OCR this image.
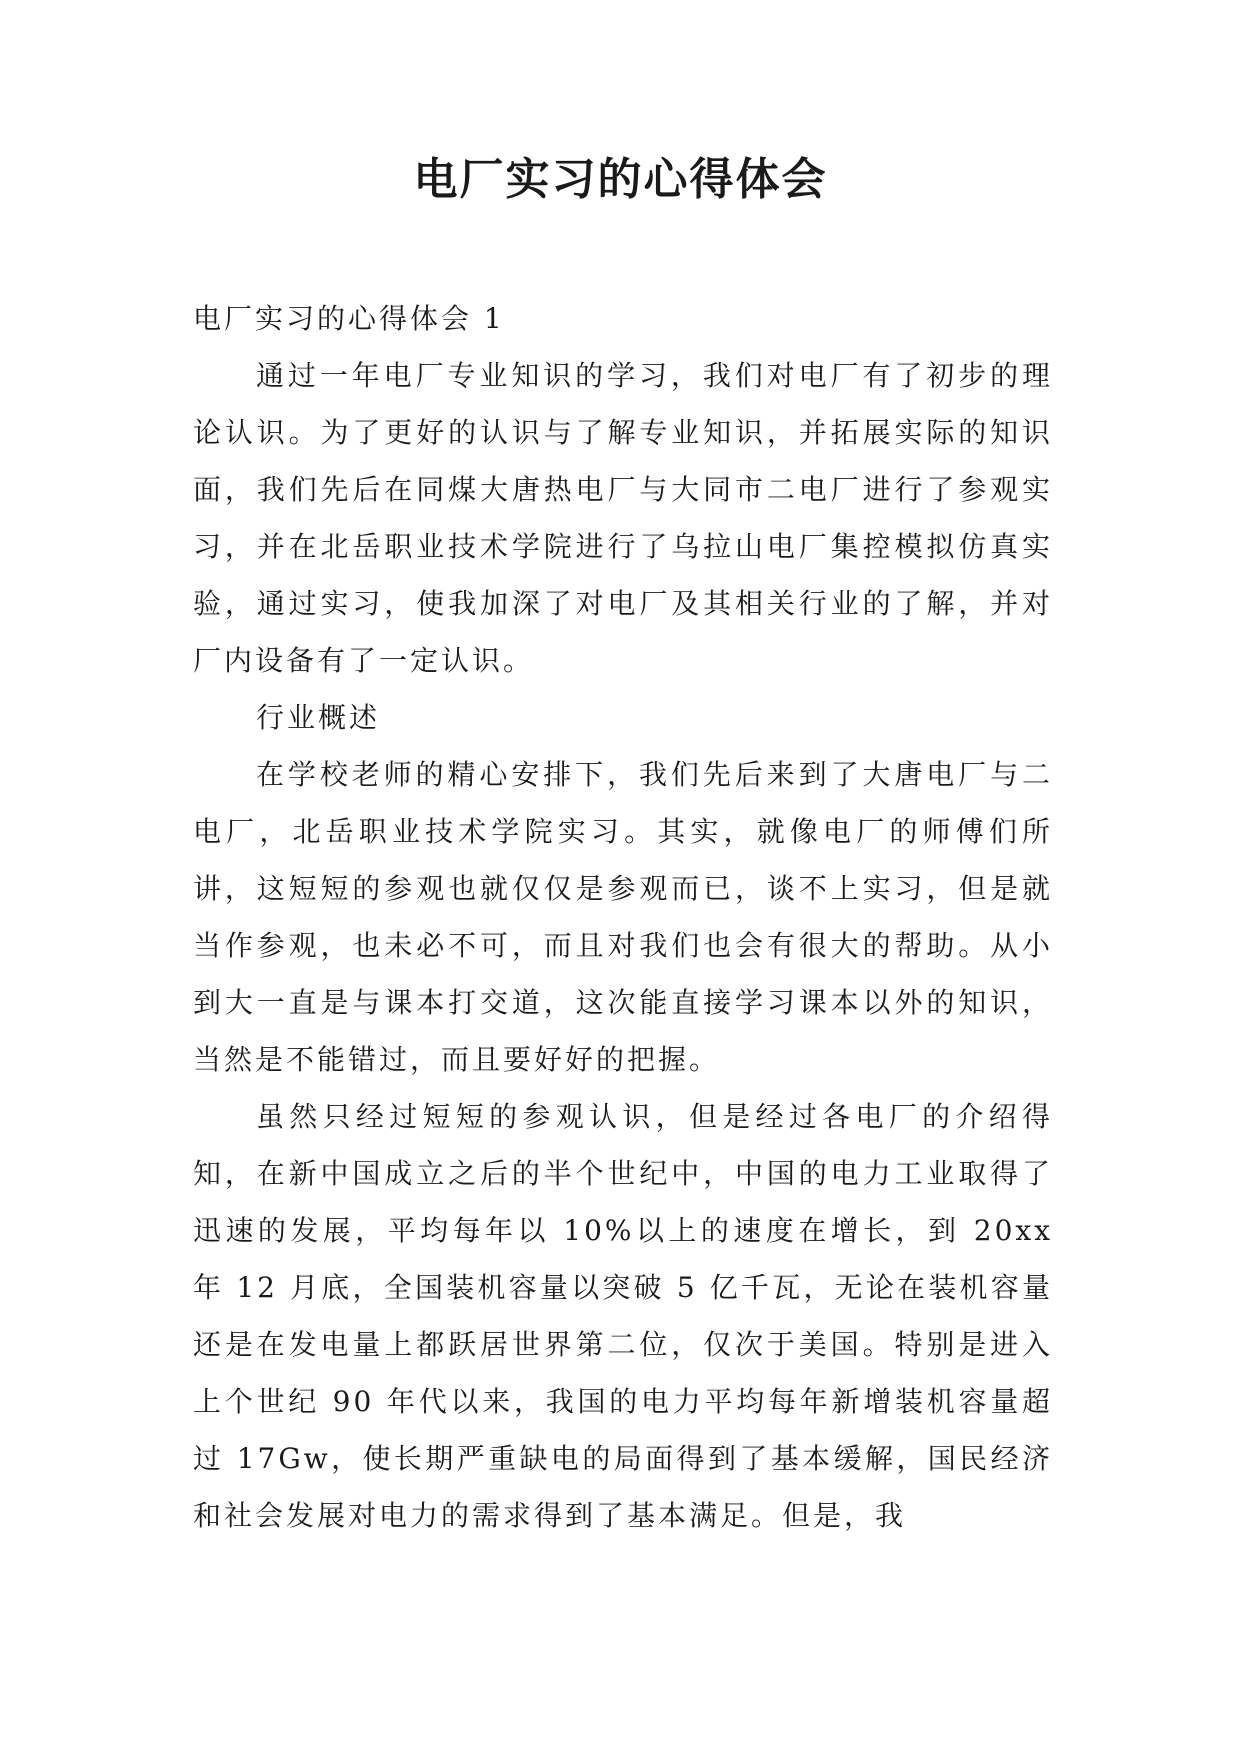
电厂实习的心得体会

电厂实习的心得体会 1

通过一年电厂专业知识的学习，我们对电厂有了初步的理论认识。为了更好的认识与了解专业知识，并拓展实际的知识面，我们先后在同煤大唐热电厂与大同市二电厂进行了参观实习，并在北岳职业技术学院进行了乌拉山电厂集控模拟仿真实验，通过实习，使我加深了对电厂及其相关行业的了解，并对厂内设备有了一定认识。

行业概述

在学校老师的精心安排下，我们先后来到了大唐电厂与二电厂，北岳职业技术学院实习。其实，就像电厂的师傅们所讲，这短短的参观也就仅仅是参观而已，谈不上实习，但是就当作参观，也未必不可，而且对我们也会有很大的帮助。从小到大一直是与课本打交道，这次能直接学习课本以外的知识，当然是不能错过，而且要好好的把握。

虽然只经过短短的参观认识，但是经过各电厂的介绍得知，在新中国成立之后的半个世纪中，中国的电力工业取得了迅速的发展，平均每年以 10%以上的速度在增长，到 20xx 年 12 月底，全国装机容量以突破 5 亿千瓦，无论在装机容量还是在发电量上都跃居世界第二位，仅次于美国。特别是进入上个世纪 90 年代以来，我国的电力平均每年新增装机容量超过 17Gw，使长期严重缺电的局面得到了基本缓解，国民经济和社会发展对电力的需求得到了基本满足。但是，我
